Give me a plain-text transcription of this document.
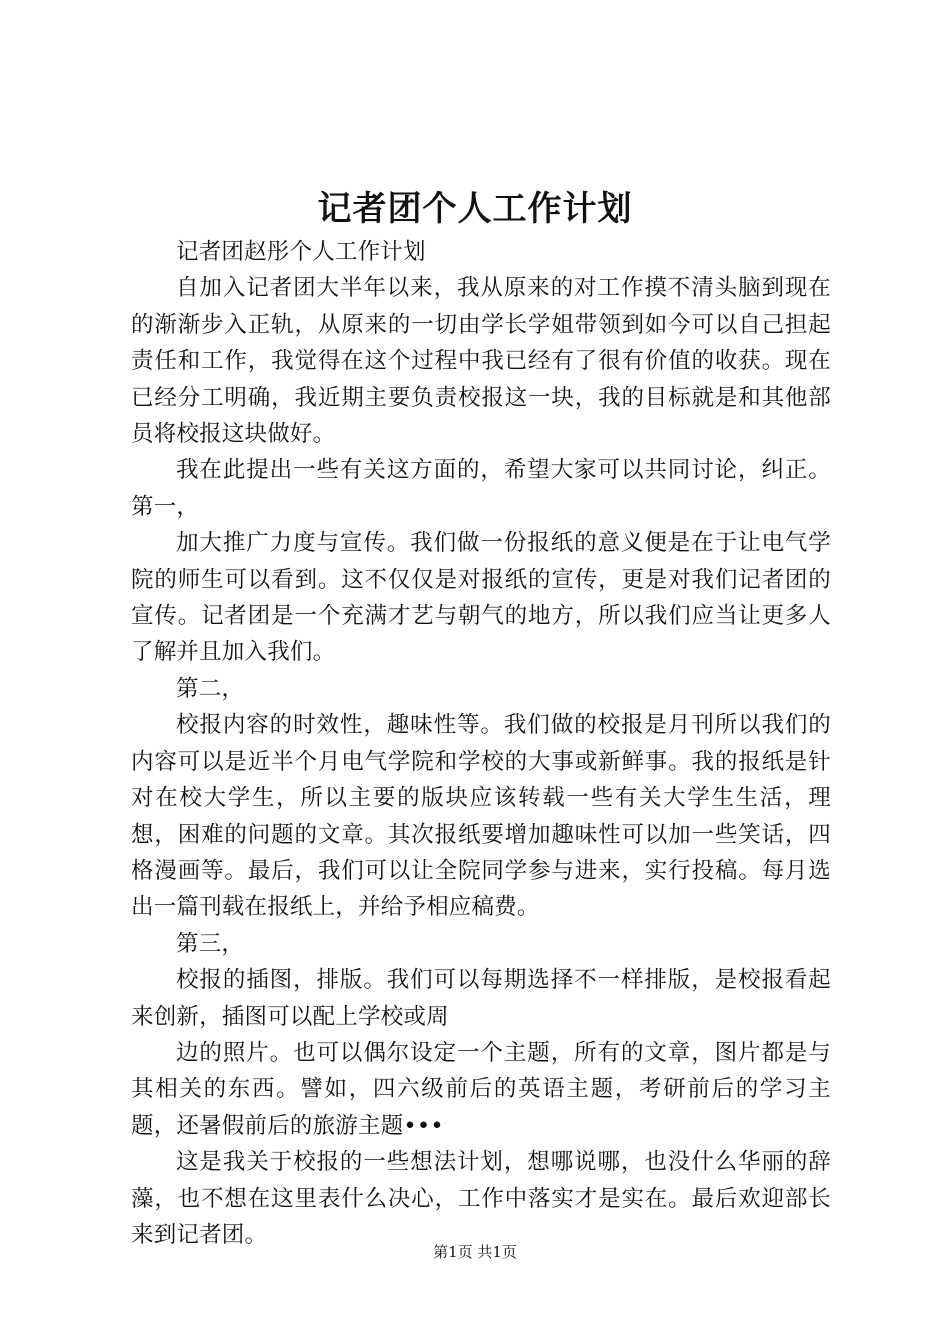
记者团个人工作计划

记者团赵彤个人工作计划

自加入记者团大半年以来，我从原来的对工作摸不清头脑到现在的渐渐步入正轨，从原来的一切由学长学姐带领到如今可以自己担起责任和工作，我觉得在这个过程中我已经有了很有价值的收获。现在已经分工明确，我近期主要负责校报这一块，我的目标就是和其他部员将校报这块做好。

我在此提出一些有关这方面的，希望大家可以共同讨论，纠正。第一，

加大推广力度与宣传。我们做一份报纸的意义便是在于让电气学院的师生可以看到。这不仅仅是对报纸的宣传，更是对我们记者团的宣传。记者团是一个充满才艺与朝气的地方，所以我们应当让更多人了解并且加入我们。

第二，

校报内容的时效性，趣味性等。我们做的校报是月刊所以我们的内容可以是近半个月电气学院和学校的大事或新鲜事。我的报纸是针对在校大学生，所以主要的版块应该转载一些有关大学生生活，理想，困难的问题的文章。其次报纸要增加趣味性可以加一些笑话，四格漫画等。最后，我们可以让全院同学参与进来，实行投稿。每月选出一篇刊载在报纸上，并给予相应稿费。

第三，

校报的插图，排版。我们可以每期选择不一样排版，是校报看起来创新，插图可以配上学校或周

边的照片。也可以偶尔设定一个主题，所有的文章，图片都是与其相关的东西。譬如，四六级前后的英语主题，考研前后的学习主题，还暑假前后的旅游主题•••

这是我关于校报的一些想法计划，想哪说哪，也没什么华丽的辞藻，也不想在这里表什么决心，工作中落实才是实在。最后欢迎部长来到记者团。

第1页 共1页
